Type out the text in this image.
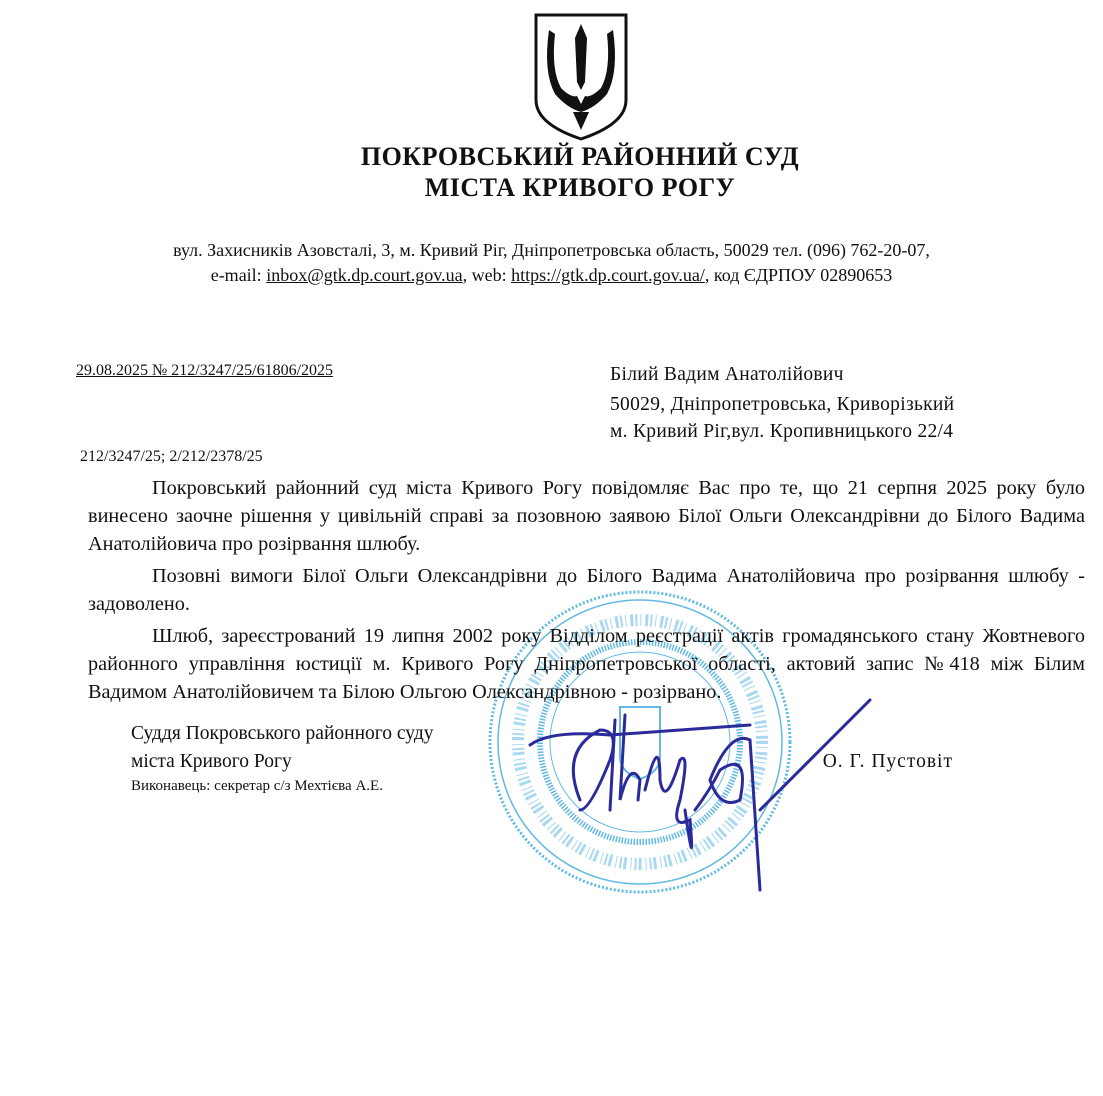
ПОКРОВСЬКИЙ РАЙОННИЙ СУД
МІСТА КРИВОГО РОГУ
вул. Захисників Азовсталі, 3, м. Кривий Ріг, Дніпропетровська область, 50029 тел. (096) 762-20-07,
e-mail: inbox@gtk.dp.court.gov.ua, web: https://gtk.dp.court.gov.ua/, код ЄДРПОУ 02890653
29.08.2025 № 212/3247/25/61806/2025
212/3247/25; 2/212/2378/25
Білий Вадим Анатолійович
50029, Дніпропетровська, Криворізький
м. Кривий Ріг,вул. Кропивницького 22/4

Покровський районний суд міста Кривого Рогу повідомляє Вас про те, що 21 серпня 2025 року було винесено заочне рішення у цивільній справі за позовною заявою Білої Ольги Олександрівни до Білого Вадима Анатолійовича про розірвання шлюбу.

Позовні вимоги Білої Ольги Олександрівни до Білого Вадима Анатолійовича про розірвання шлюбу - задоволено.

Шлюб, зареєстрований 19 липня 2002 року Відділом реєстрації актів громадянського стану Жовтневого районного управління юстиції м. Кривого Рогу Дніпропетровської області, актовий запис №418 між Білим Вадимом Анатолійовичем та Білою Ольгою Олександрівною - розірвано.

Суддя Покровського районного суду
міста Кривого Рогу	О. Г. Пустовіт
Виконавець: секретар с/з Мехтієва А.Е.
